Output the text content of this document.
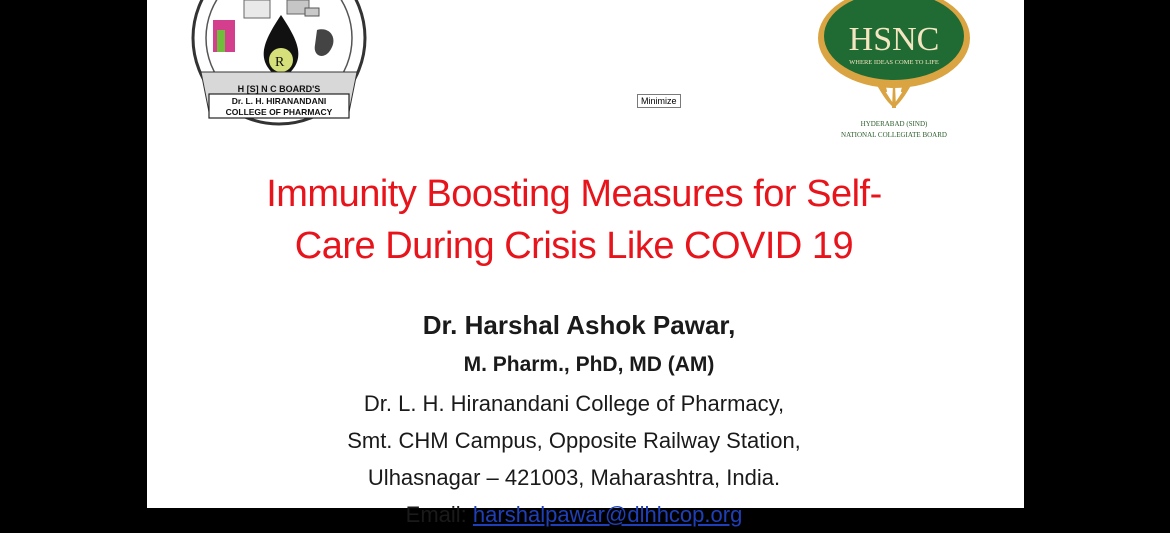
R
H [S] N C BOARD'S
Dr. L. H. HIRANANDANI
COLLEGE OF PHARMACY
Minimize
HSNC
WHERE IDEAS COME TO LIFE
HYDERABAD (SIND)
NATIONAL COLLEGIATE BOARD
Immunity Boosting Measures for Self-
Care During Crisis Like COVID 19
Dr. Harshal Ashok Pawar,
M. Pharm., PhD, MD (AM)
Dr. L. H. Hiranandani College of Pharmacy,
Smt. CHM Campus, Opposite Railway Station,
Ulhasnagar – 421003, Maharashtra, India.
Email: harshalpawar@dlhhcop.org
